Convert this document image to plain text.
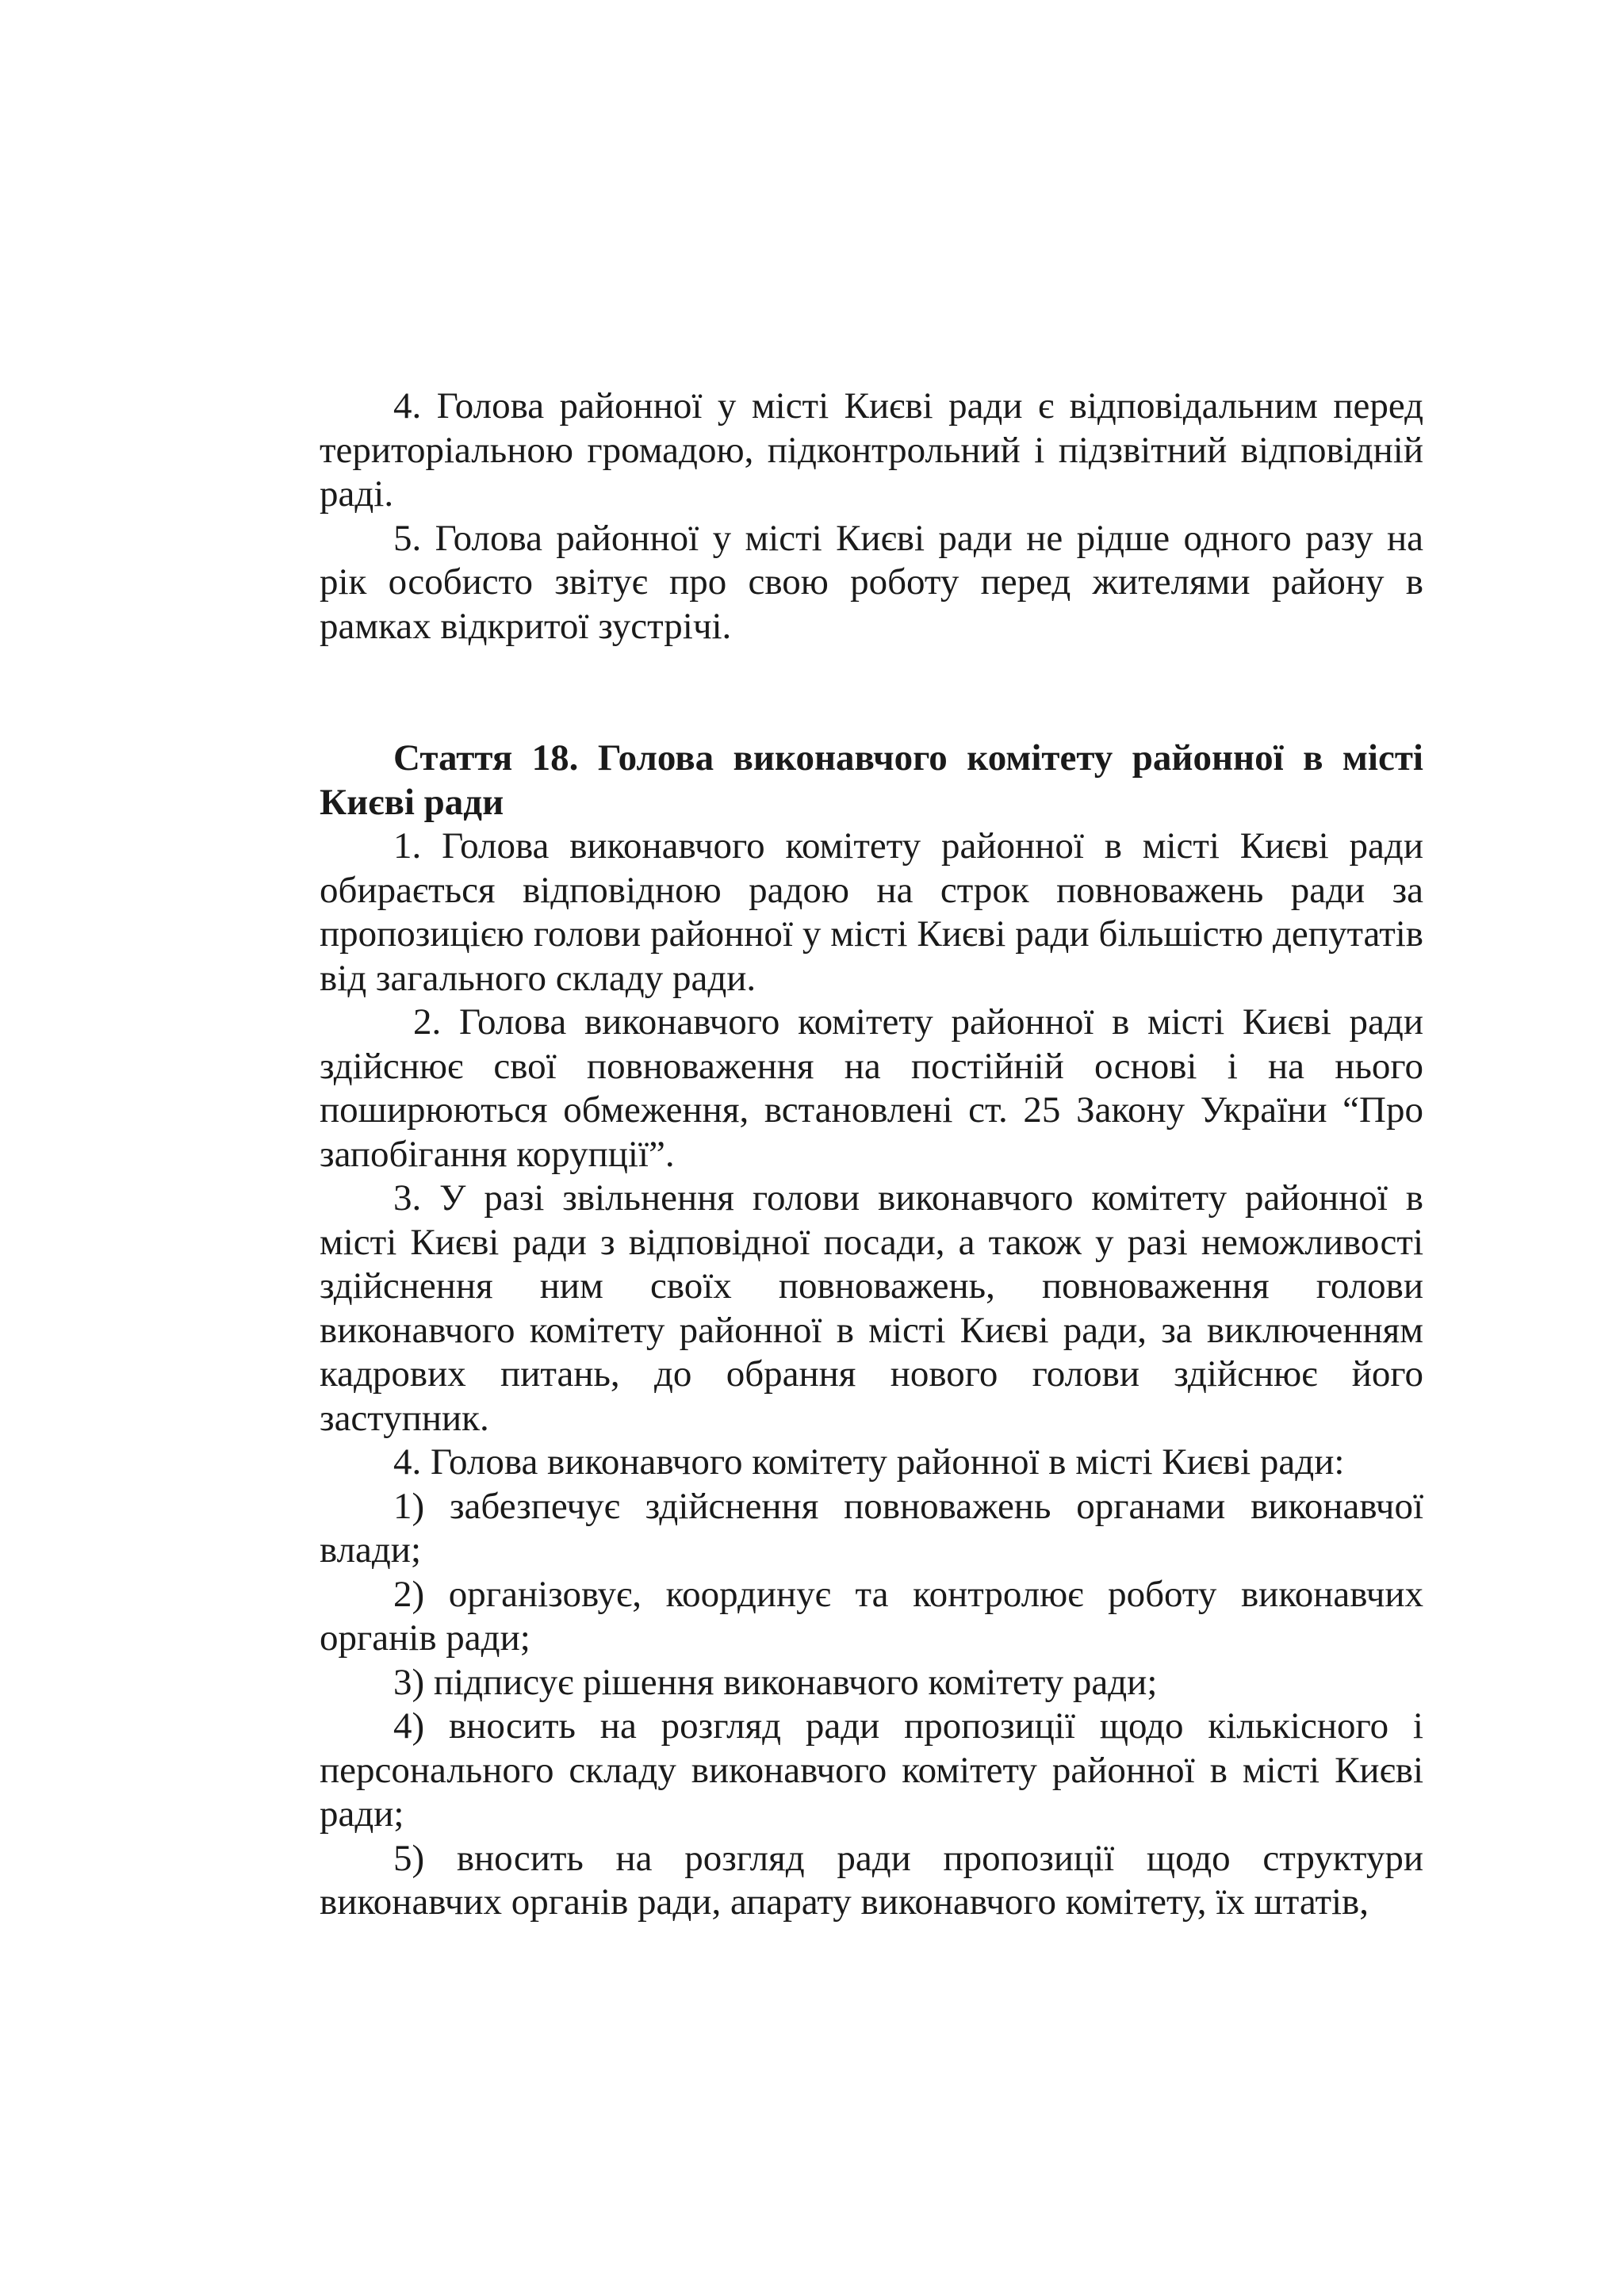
4. Голова районної у місті Києві ради є відповідальним перед територіальною громадою, підконтрольний і підзвітний відповідній раді.

5. Голова районної у місті Києві ради не рідше одного разу на рік особисто звітує про свою роботу перед жителями району в рамках відкритої зустрічі.

Стаття 18. Голова виконавчого комітету районної в місті Києві ради

1. Голова виконавчого комітету районної в місті Києві ради обирається відповідною радою на строк повноважень ради за пропозицією голови районної у місті Києві ради більшістю депутатів від загального складу ради.

2. Голова виконавчого комітету районної в місті Києві ради здійснює свої повноваження на постійній основі і на нього поширюються обмеження, встановлені ст. 25 Закону України “Про запобігання корупції”.

3. У разі звільнення голови виконавчого комітету районної в місті Києві ради з відповідної посади, а також у разі неможливості здійснення ним своїх повноважень, повноваження голови виконавчого комітету районної в місті Києві ради, за виключенням кадрових питань, до обрання нового голови здійснює його заступник.

4. Голова виконавчого комітету районної в місті Києві ради:

1) забезпечує здійснення повноважень органами виконавчої влади;

2) організовує, координує та контролює роботу виконавчих органів ради;

3) підписує рішення виконавчого комітету ради;

4) вносить на розгляд ради пропозиції щодо кількісного і персонального складу виконавчого комітету районної в місті Києві ради;

5) вносить на розгляд ради пропозиції щодо структури виконавчих органів ради, апарату виконавчого комітету, їх штатів,
